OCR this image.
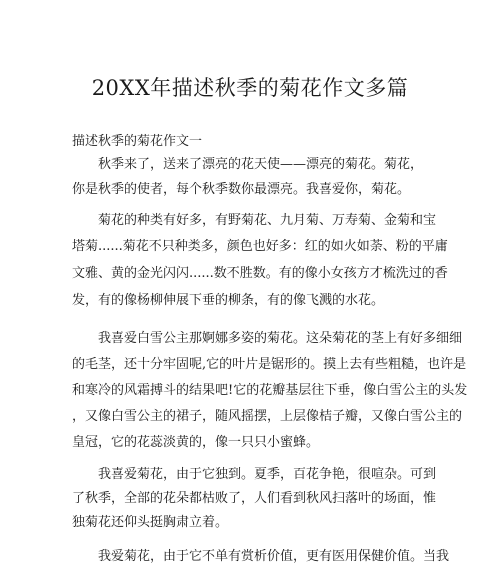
20XX年描述秋季的菊花作文多篇

描述秋季的菊花作文一

秋季来了，送来了漂亮的花天使——漂亮的菊花。菊花，

你是秋季的使者，每个秋季数你最漂亮。我喜爱你，菊花。

菊花的种类有好多，有野菊花、九月菊、万寿菊、金菊和宝

塔菊......菊花不只种类多，颜色也好多：红的如火如荼、粉的平庸

文雅、黄的金光闪闪......数不胜数。有的像小女孩方才梳洗过的香

发，有的像杨柳伸展下垂的柳条，有的像飞溅的水花。

我喜爱白雪公主那婀娜多姿的菊花。这朵菊花的茎上有好多细细

的毛茎，还十分牢固呢,它的叶片是锯形的。摸上去有些粗糙，也许是

和寒冷的风霜搏斗的结果吧!它的花瓣基层往下垂，像白雪公主的头发

，又像白雪公主的裙子，随风摇摆，上层像桔子瓣，又像白雪公主的

皇冠，它的花蕊淡黄的，像一只只小蜜蜂。

我喜爱菊花，由于它独到。夏季，百花争艳，很喧杂。可到

了秋季，全部的花朵都枯败了，人们看到秋风扫落叶的场面，惟

独菊花还仰头挺胸肃立着。

我爱菊花，由于它不单有赏析价值，更有医用保健价值。当我
